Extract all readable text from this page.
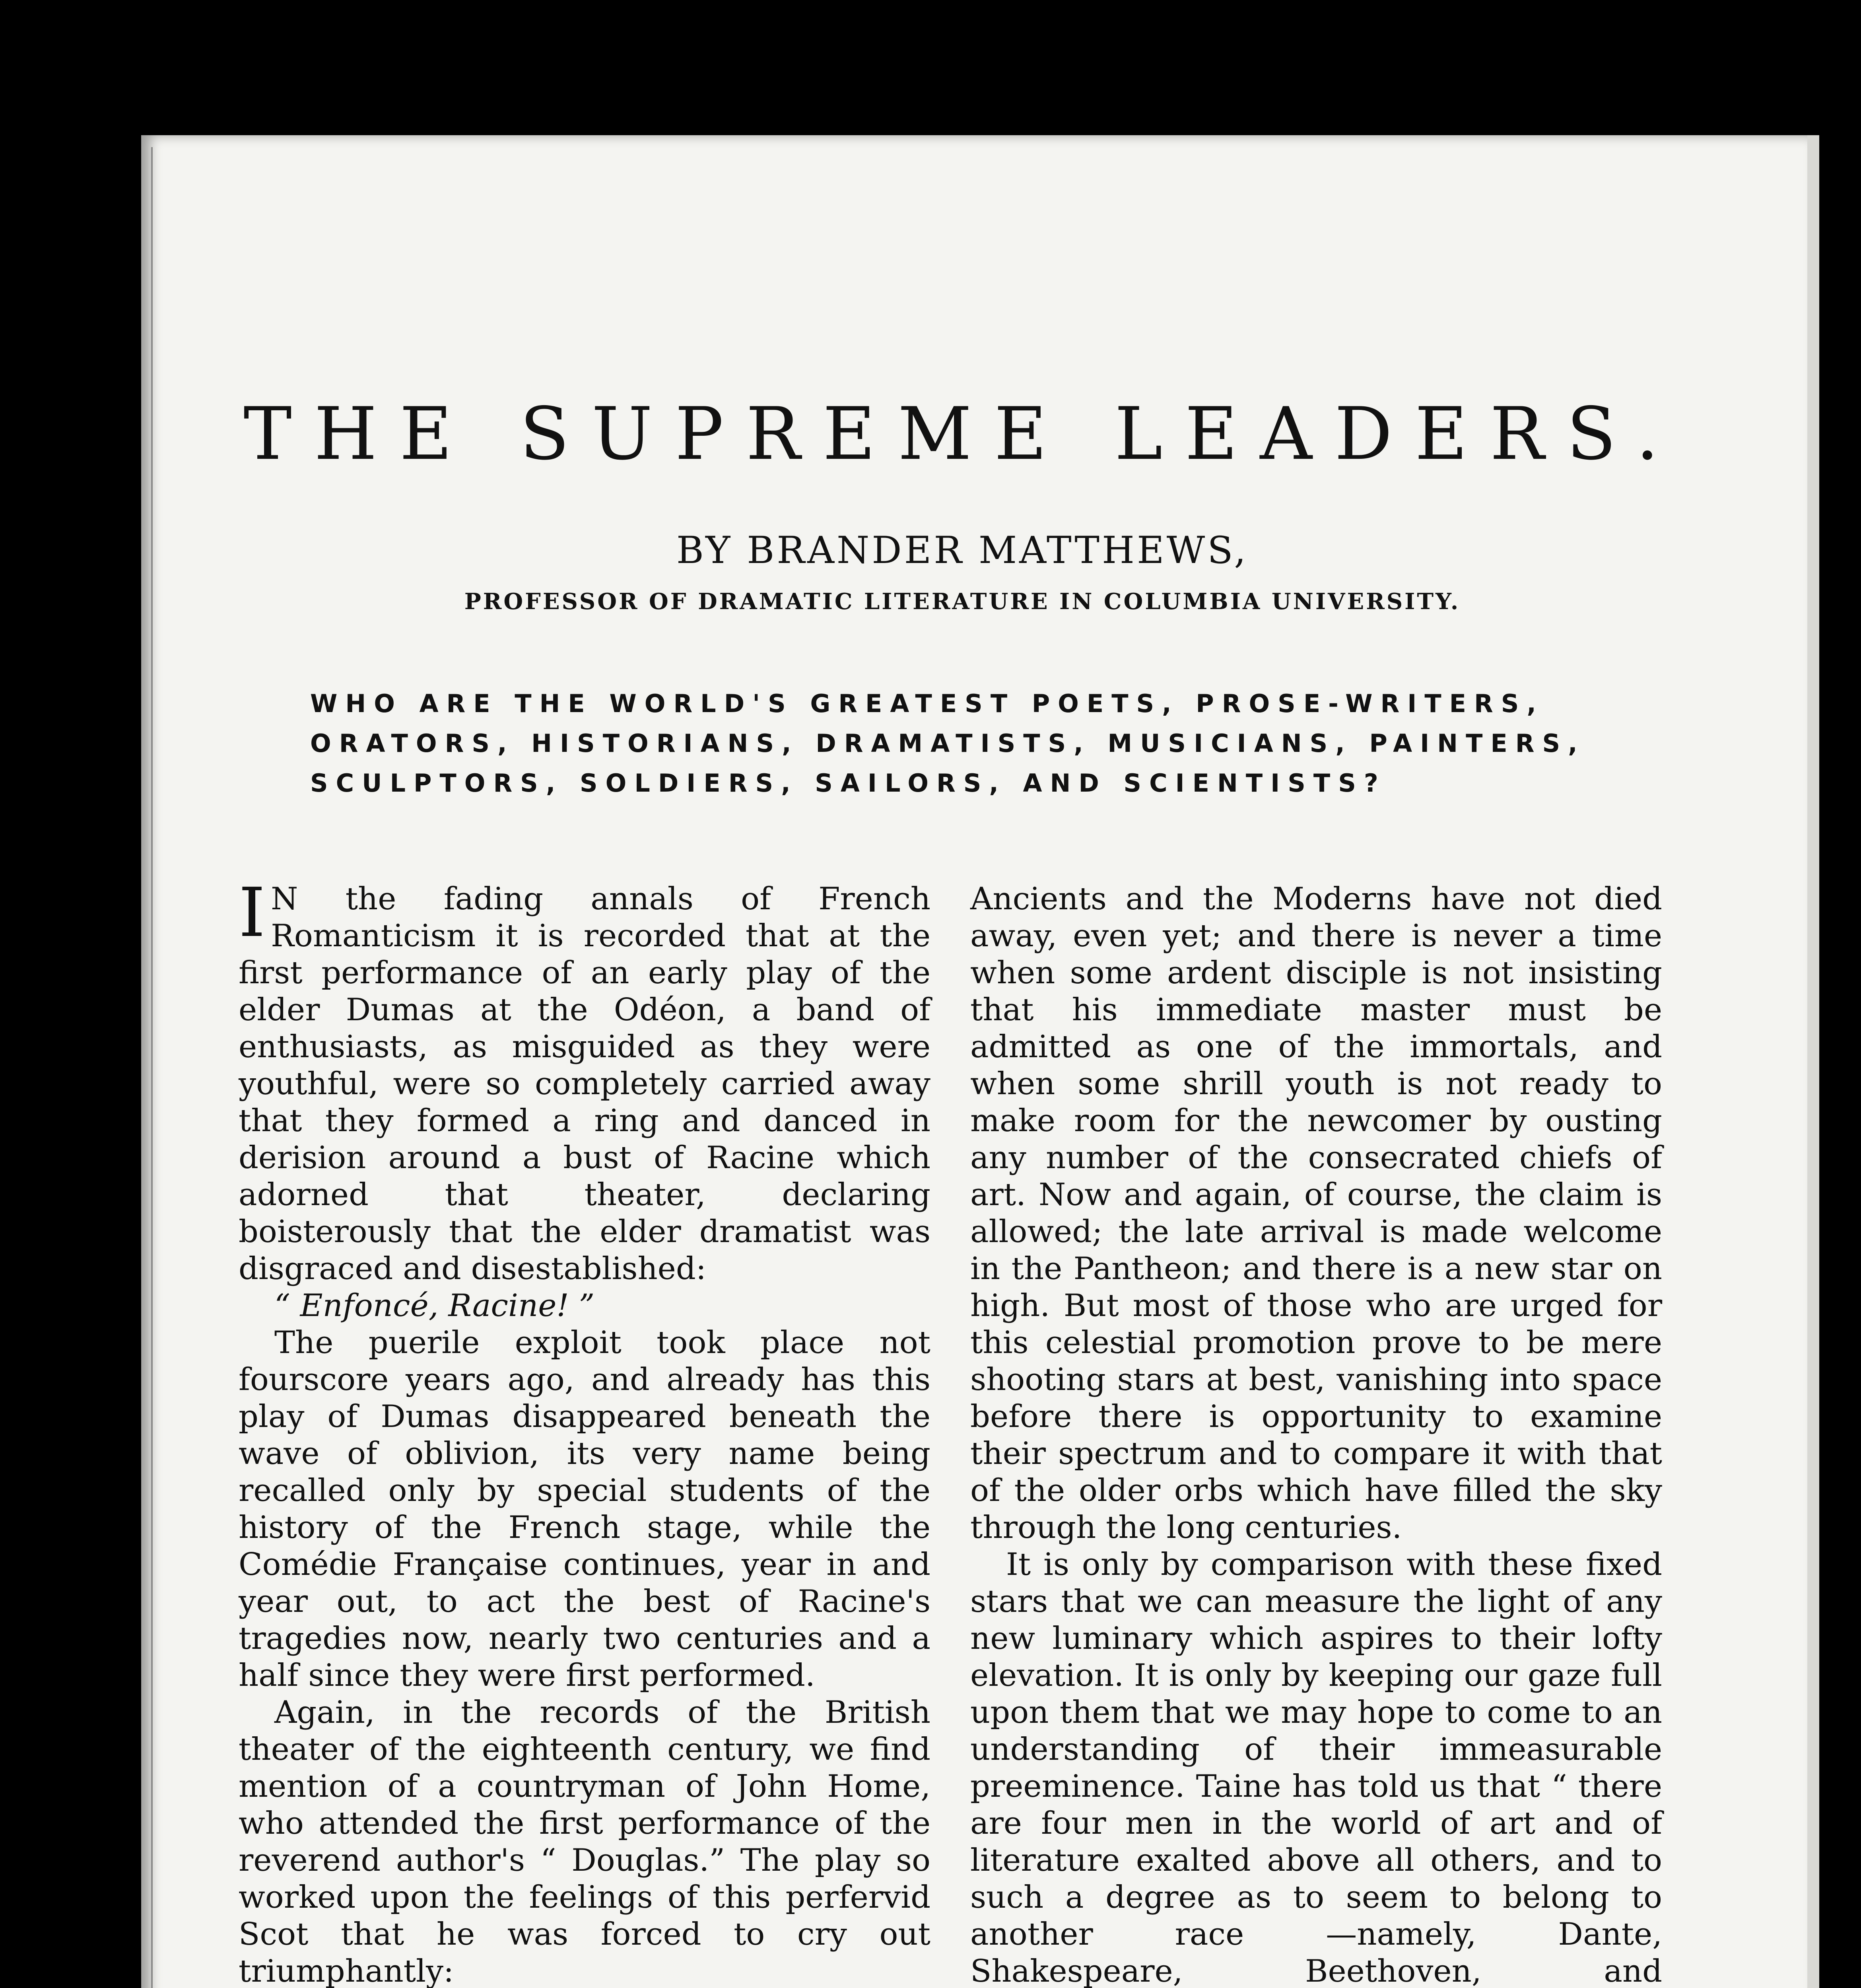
THE SUPREME LEADERS.
BY BRANDER MATTHEWS,
PROFESSOR OF DRAMATIC LITERATURE IN COLUMBIA UNIVERSITY.
WHO ARE THE WORLD'S GREATEST POETS, PROSE-WRITERS,
ORATORS, HISTORIANS, DRAMATISTS, MUSICIANS, PAINTERS,
SCULPTORS, SOLDIERS, SAILORS, AND SCIENTISTS?

I N the fading annals of French Romanticism it is recorded that at the first performance of an early play of the elder Dumas at the Odéon, a band of enthusiasts, as misguided as they were youthful, were so completely carried away that they formed a ring and danced in derision around a bust of Racine which adorned that theater, declaring boisterously that the elder dramatist was disgraced and disestablished:

“ Enfoncé, Racine! ”

The puerile exploit took place not fourscore years ago, and already has this play of Dumas disappeared beneath the wave of oblivion, its very name being recalled only by special students of the history of the French stage, while the Comédie Française continues, year in and year out, to act the best of Racine's tragedies now, nearly two centuries and a half since they were first performed.

Again, in the records of the British theater of the eighteenth century, we find mention of a countryman of John Home, who attended the first performance of the reverend author's “ Douglas.” The play so worked upon the feelings of this perfervid Scot that he was forced to cry out triumphantly:

Ancients and the Moderns have not died away, even yet; and there is never a time when some ardent disciple is not insisting that his immediate master must be admitted as one of the immortals, and when some shrill youth is not ready to make room for the newcomer by ousting any number of the consecrated chiefs of art. Now and again, of course, the claim is allowed; the late arrival is made welcome in the Pantheon; and there is a new star on high. But most of those who are urged for this celestial promotion prove to be mere shooting stars at best, vanishing into space before there is opportunity to examine their spectrum and to compare it with that of the older orbs which have filled the sky through the long centuries.

It is only by comparison with these fixed stars that we can measure the light of any new luminary which aspires to their lofty elevation. It is only by keeping our gaze full upon them that we may hope to come to an understanding of their immeasurable preeminence. Taine has told us that “ there are four men in the world of art and of literature exalted above all others, and to such a degree as to seem to belong to another race —namely, Dante, Shakespeare, Beethoven, and
